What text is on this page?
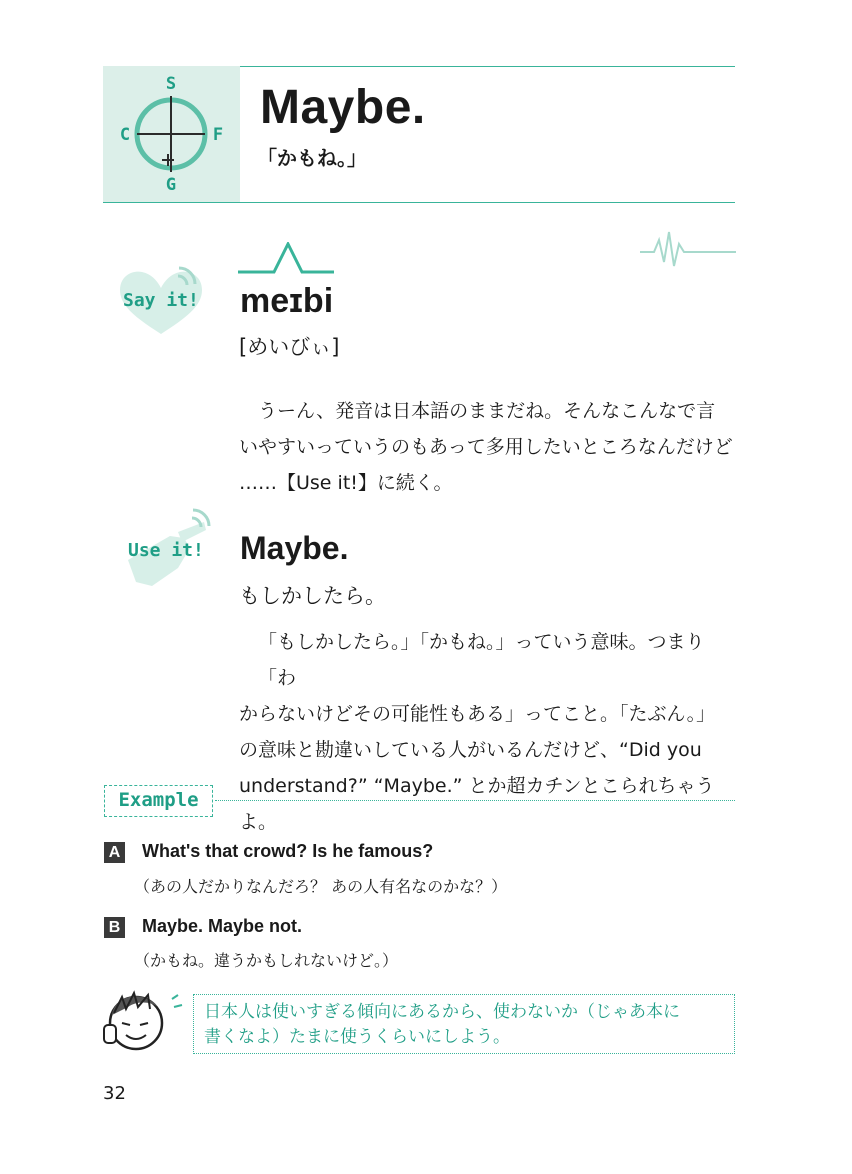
S
C	F
G
Maybe.
「かもね。」
Say it! meɪbi
[めいびぃ]
うーん、発音は日本語のままだね。そんなこんなで言
いやすいっていうのもあって多用したいところなんだけど
……【Use it!】に続く。
Use it! Maybe.
もしかしたら。
「もしかしたら。」「かもね。」っていう意味。つまり「わ
からないけどその可能性もある」ってこと。「たぶん。」
の意味と勘違いしている人がいるんだけど、“Did you
understand?” “Maybe.” とか超カチンとこられちゃうよ。
Example
A What's that crowd? Is he famous?
（あの人だかりなんだろ？ あの人有名なのかな？）
B Maybe. Maybe not.
（かもね。違うかもしれないけど。）
日本人は使いすぎる傾向にあるから、使わないか（じゃあ本に
書くなよ）たまに使うくらいにしよう。
32
